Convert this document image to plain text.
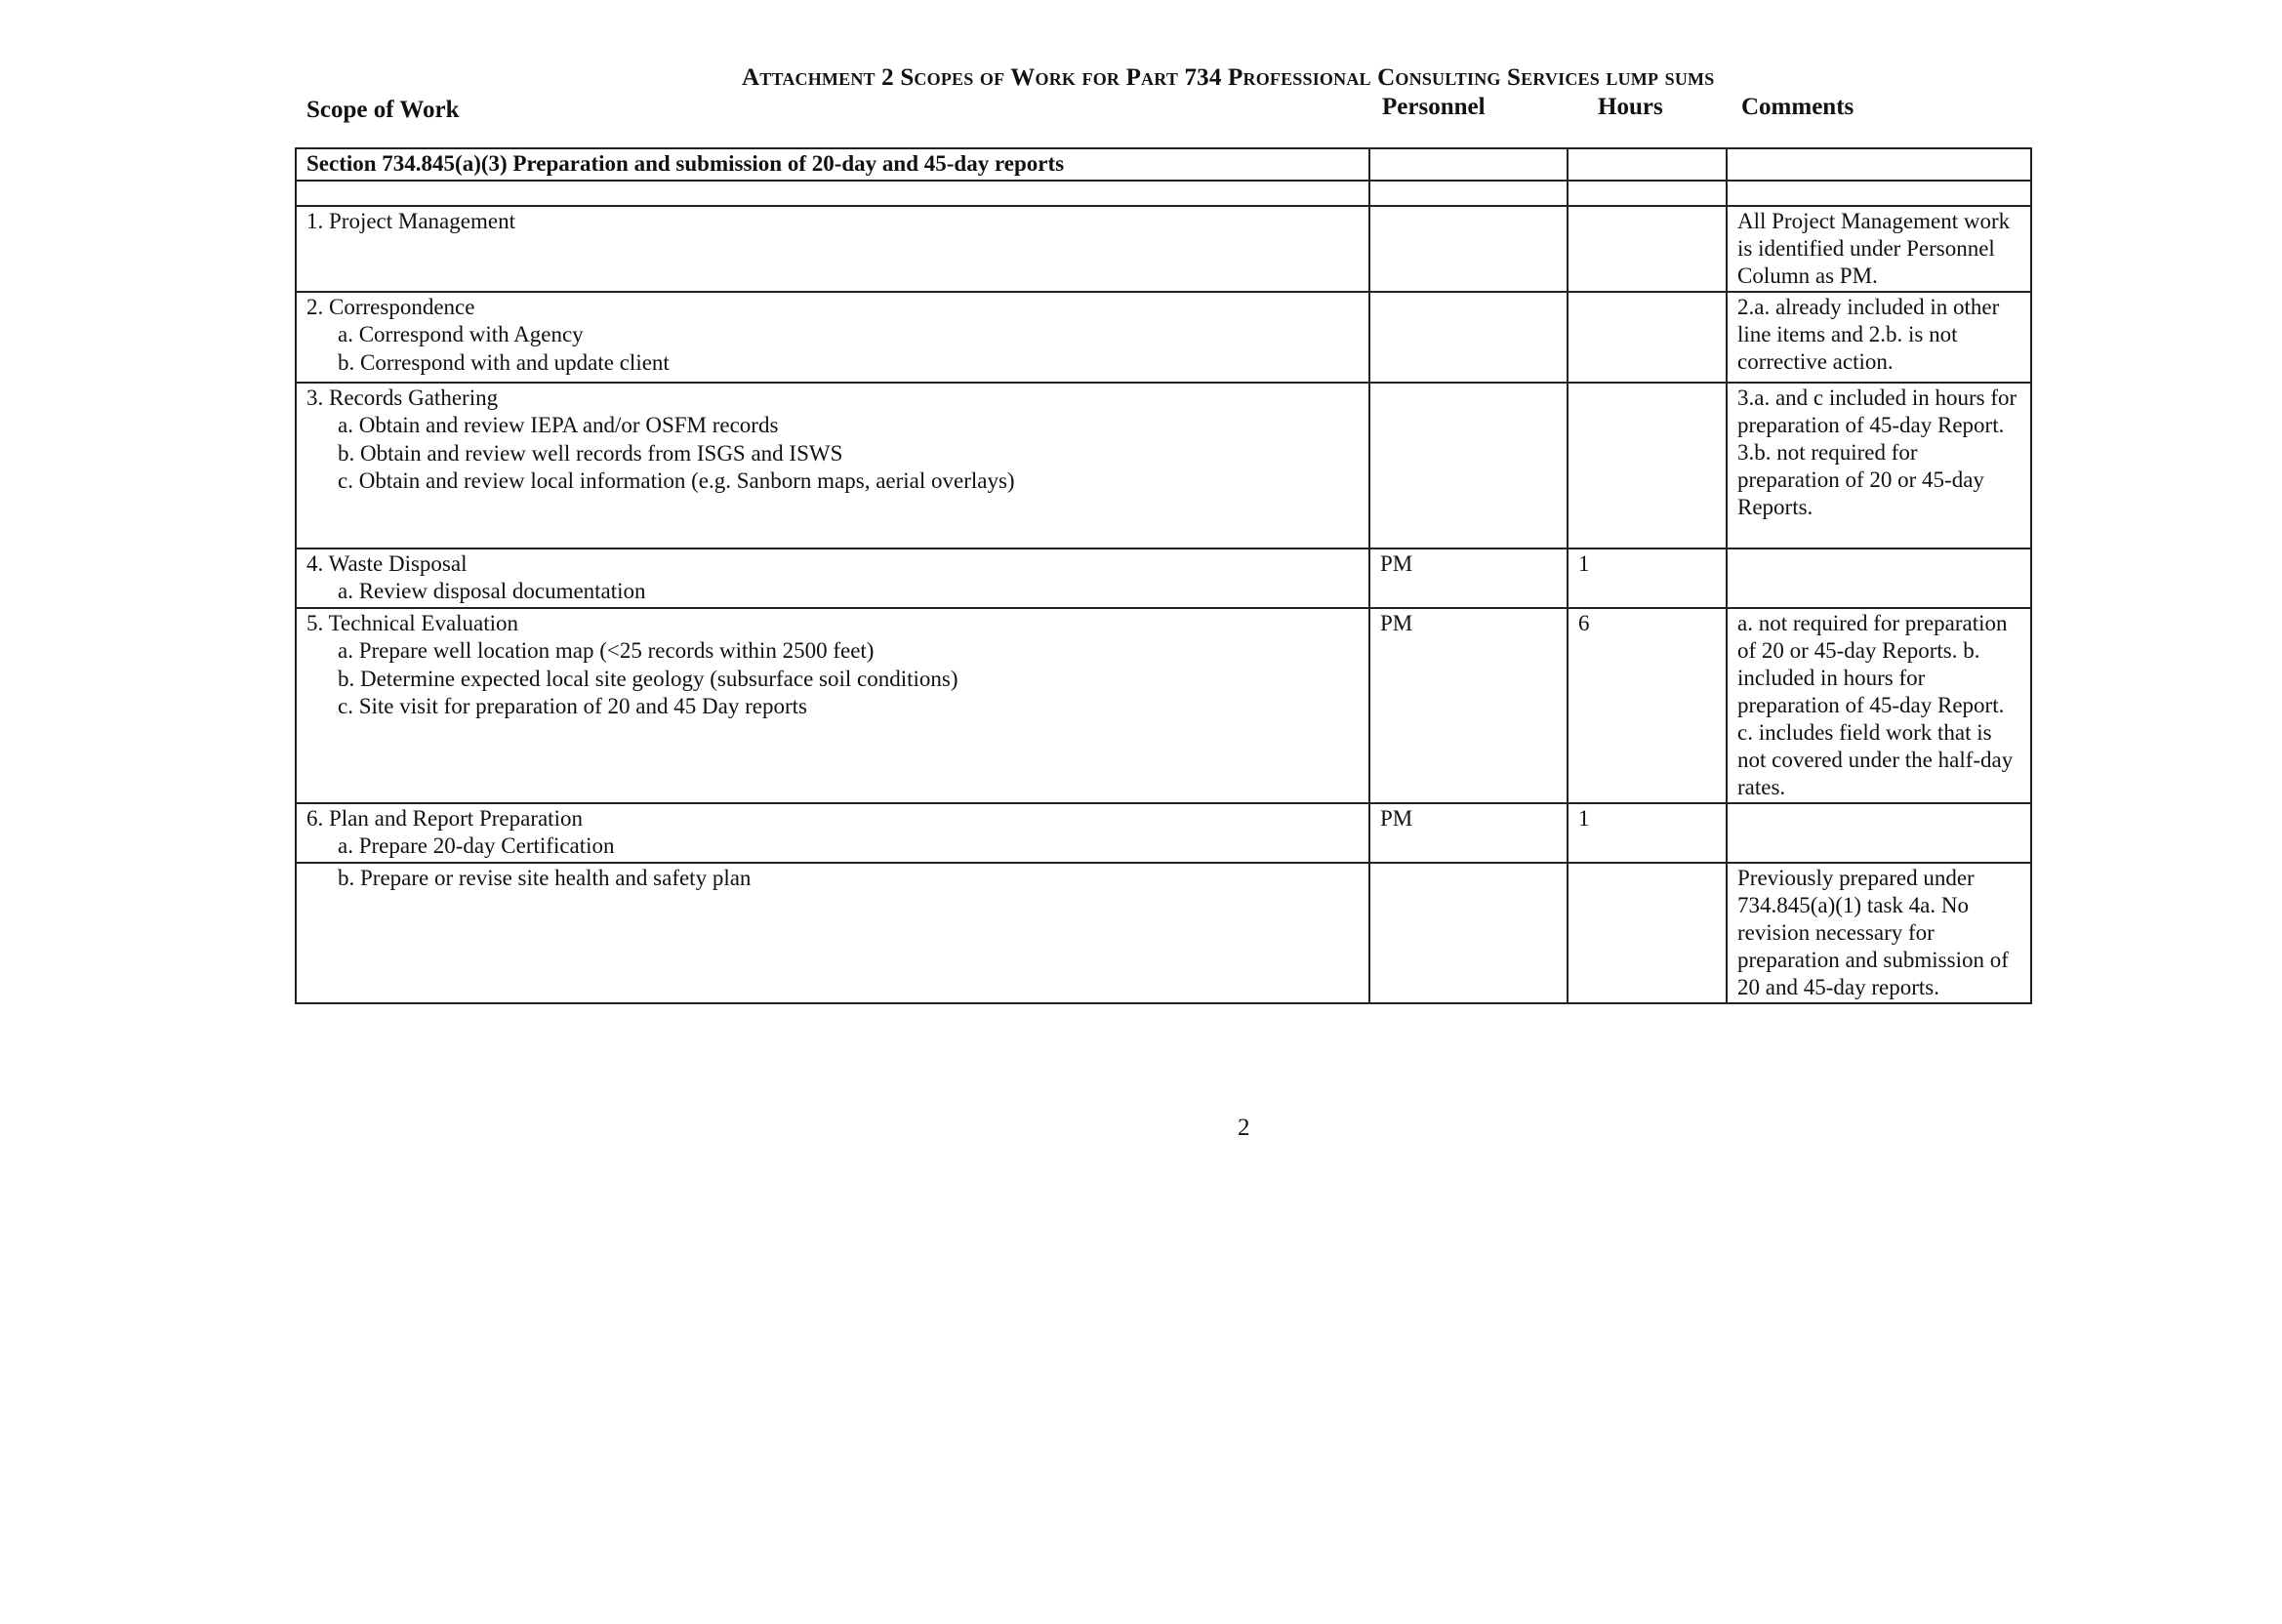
Attachment 2 Scopes of Work for Part 734 Professional Consulting Services lump sums
Scope of Work	Personnel	Hours	Comments
Section 734.845(a)(3) Preparation and submission of 20-day and 45-day reports			

1. Project Management			All Project Management work is identified under Personnel Column as PM.

2. Correspondence
a. Correspond with Agency
b. Correspond with and update client			2.a. already included in other line items and 2.b. is not corrective action.

3. Records Gathering
a. Obtain and review IEPA and/or OSFM records
b. Obtain and review well records from ISGS and ISWS
c. Obtain and review local information (e.g. Sanborn maps, aerial overlays)			3.a. and c included in hours for preparation of 45-day Report. 3.b. not required for preparation of 20 or 45-day Reports.

4. Waste Disposal
a. Review disposal documentation	PM	1	

5. Technical Evaluation
a. Prepare well location map (<25 records within 2500 feet)
b. Determine expected local site geology (subsurface soil conditions)
c. Site visit for preparation of 20 and 45 Day reports	PM	6	a. not required for preparation of 20 or 45-day Reports. b. included in hours for preparation of 45-day Report. c. includes field work that is not covered under the half-day rates.

6. Plan and Report Preparation
a. Prepare 20-day Certification	PM	1	

b. Prepare or revise site health and safety plan			Previously prepared under 734.845(a)(1) task 4a. No revision necessary for preparation and submission of 20 and 45-day reports.
2
